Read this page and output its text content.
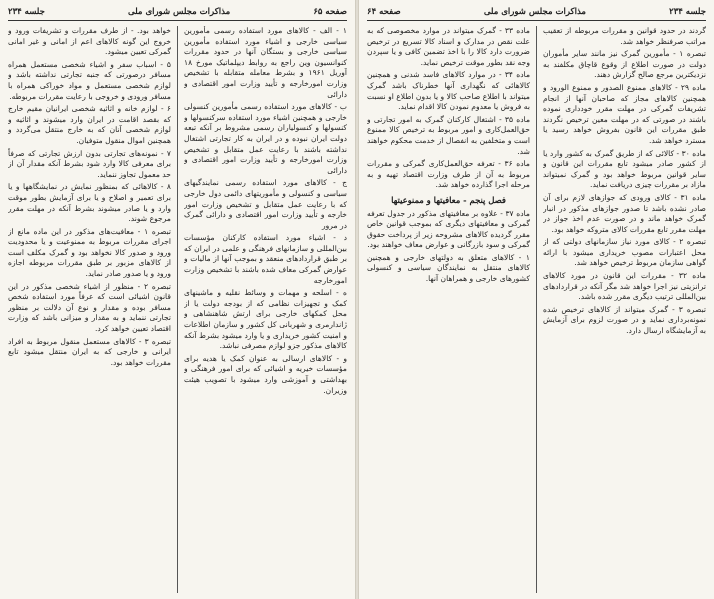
صفحه ۶۵
مذاکرات مجلس شورای ملی
جلسه ۲۳۴

۱ - الف - کالاهای مورد استفاده رسمی مأمورین سیاسی خارجی و اشیاء مورد استفاده مأمورین سیاسی خارجی و بستگان آنها در حدود مقررات کنوانسیون وین راجع به روابط دیپلماتیک مورخ ۱۸ آوریل ۱۹۶۱ و بشرط معامله متقابله با تشخیص وزارت امورخارجه و تأیید وزارت امور اقتصادی و دارائی

ب - کالاهای مورد استفاده رسمی مأمورین کنسولی خارجی و همچنین اشیاء مورد استفاده سرکنسولها و کنسولها و کنسولیاران رسمی مشروط بر آنکه تبعه دولت ایران نبوده و در ایران به کار تجارتی اشتغال نداشته باشند با رعایت عمل متقابل و تشخیص وزارت امورخارجه و تأیید وزارت امور اقتصادی و دارائی

ج - کالاهای مورد استفاده رسمی نمایندگیهای سیاسی و کنسولی و مأموریتهای دائمی دول خارجی که با رعایت عمل متقابل و تشخیص وزارت امور خارجه و تأیید وزارت امور اقتصادی و دارائی گمرک در مرور

د - اشیاء مورد استفاده کارکنان مؤسسات بین‌المللی و سازمانهای فرهنگی و علمی در ایران که بر طبق قراردادهای منعقد و بموجب آنها از مالیات و عوارض گمرکی معاف شده باشند با تشخیص وزارت امورخارجه

ه - اسلحه و مهمات و وسائط نقلیه و ماشینهای کمک و تجهیزات نظامی که از بودجه دولت یا از محل کمکهای خارجی برای ارتش شاهنشاهی و ژاندارمری و شهربانی کل کشور و سازمان اطلاعات و امنیت کشور خریداری و یا وارد میشود بشرط آنکه کالاهای مذکور جزو لوازم مصرفی نباشد.

و - کالاهای ارسالی به عنوان کمک یا هدیه برای مؤسسات خیریه و اشیائی که برای امور فرهنگی و بهداشتی و آموزشی وارد میشود با تصویب هیئت وزیران.

خواهد بود. - از طرف مقررات و تشریفات ورود و خروج این گونه کالاهای اعم از امانی و غیر امانی گمرکی تعیین میشود.

۵ - اسباب سفر و اشیاء شخصی مستعمل همراه مسافر درصورتی که جنبه تجارتی نداشته باشد و لوازم شخصی مستعمل و مواد خوراکی همراه با مسافر ورودی و خروجی با رعایت مقررات مربوطه.

۶ - لوازم خانه و اثاثیه شخصی ایرانیان مقیم خارج که بقصد اقامت در ایران وارد میشوند و اثاثیه و لوازم شخصی آنان که به خارج منتقل می‌گردد و همچنین اموال منقول متوفیان.

۷ - نمونه‌های تجارتی بدون ارزش تجارتی که صرفاً برای معرفی کالا وارد شود بشرط آنکه مقدار آن از حد معمول تجاوز ننماید.

۸ - کالاهائی که بمنظور نمایش در نمایشگاهها و یا برای تعمیر و اصلاح و یا برای آزمایش بطور موقت وارد و یا صادر میشوند بشرط آنکه در مهلت مقرر مرجوع شوند.

تبصره ۱ - معافیت‌های مذکور در این ماده مانع از اجرای مقررات مربوط به ممنوعیت و یا محدودیت ورود و صدور کالا نخواهد بود و گمرک مکلف است از کالاهای مزبور بر طبق مقررات مربوطه اجازه ورود و یا صدور صادر نماید.

تبصره ۲ - منظور از اشیاء شخصی مذکور در این قانون اشیائی است که عرفاً مورد استفاده شخص مسافر بوده و مقدار و نوع آن دلالت بر منظور تجارتی ننماید و به مقدار و میزانی باشد که وزارت اقتصاد تعیین خواهد کرد.

تبصره ۳ - کالاهای مستعمل منقول مربوط به افراد ایرانی و خارجی که به ایران منتقل میشود تابع مقررات خواهد بود.

جلسه ۲۳۴
مذاکرات مجلس شورای ملی
صفحه ۶۴

گردند در حدود قوانین و مقررات مربوطه از تعقیب مراتب صرفنظر خواهد شد.

تبصره ۱ - مأمورین گمرک نیز مانند سایر مأموران دولت در صورت اطلاع از وقوع قاچاق مکلفند به نزدیکترین مرجع صالح گزارش دهند.

ماده ۲۹ - کالاهای ممنوع الصدور و ممنوع الورود و همچنین کالاهای مجاز که صاحبان آنها از انجام تشریفات گمرکی در مهلت مقرر خودداری نموده باشند در صورتی که در مهلت معین ترخیص نگردند طبق مقررات این قانون بفروش خواهد رسید یا مسترد خواهد شد.

ماده ۳۰ - کالائی که از طریق گمرک به کشور وارد یا از کشور صادر میشود تابع مقررات این قانون و سایر قوانین مربوط خواهد بود و گمرک نمیتواند مازاد بر مقررات چیزی دریافت نماید.

ماده ۳۱ - کالای ورودی که جوازهای لازم برای آن صادر نشده باشد تا صدور جوازهای مذکور در انبار گمرک خواهد ماند و در صورت عدم اخذ جواز در مهلت مقرر تابع مقررات کالای متروکه خواهد بود.

تبصره ۲ - کالای مورد نیاز سازمانهای دولتی که از محل اعتبارات مصوب خریداری میشود با ارائه گواهی سازمان مربوط ترخیص خواهد شد.

ماده ۳۲ - مقررات این قانون در مورد کالاهای ترانزیتی نیز اجرا خواهد شد مگر آنکه در قراردادهای بین‌المللی ترتیب دیگری مقرر شده باشد.

تبصره ۳ - گمرک میتواند از کالاهای ترخیص شده نمونه‌برداری نماید و در صورت لزوم برای آزمایش به آزمایشگاه ارسال دارد.

ماده ۳۳ - گمرک میتواند در موارد مخصوصی که به علت نقص در مدارک و اسناد کالا تسریع در ترخیص ضرورت دارد کالا را با اخذ تضمین کافی و یا سپردن وجه نقد بطور موقت ترخیص نماید.

ماده ۳۴ - در موارد کالاهای فاسد شدنی و همچنین کالاهائی که نگهداری آنها خطرناک باشد گمرک میتواند با اطلاع صاحب کالا و یا بدون اطلاع او نسبت به فروش یا معدوم نمودن کالا اقدام نماید.

ماده ۳۵ - اشتغال کارکنان گمرک به امور تجارتی و حق‌العمل‌کاری و امور مربوط به ترخیص کالا ممنوع است و متخلفین به انفصال از خدمت محکوم خواهند شد.

ماده ۳۶ - تعرفه حق‌العمل‌کاری گمرکی و مقررات مربوط به آن از طرف وزارت اقتصاد تهیه و به مرحله اجرا گذارده خواهد شد.

فصل پنجم - معافیتها و ممنوعیتها

ماده ۳۷ - علاوه بر معافیتهای مذکور در جدول تعرفه گمرکی و معافیتهای دیگری که بموجب قوانین خاص مقرر گردیده کالاهای مشروحه زیر از پرداخت حقوق گمرکی و سود بازرگانی و عوارض معاف خواهند بود.

۱ - کالاهای متعلق به دولتهای خارجی و همچنین کالاهای منتقل به نمایندگان سیاسی و کنسولی کشورهای خارجی و همراهان آنها.
